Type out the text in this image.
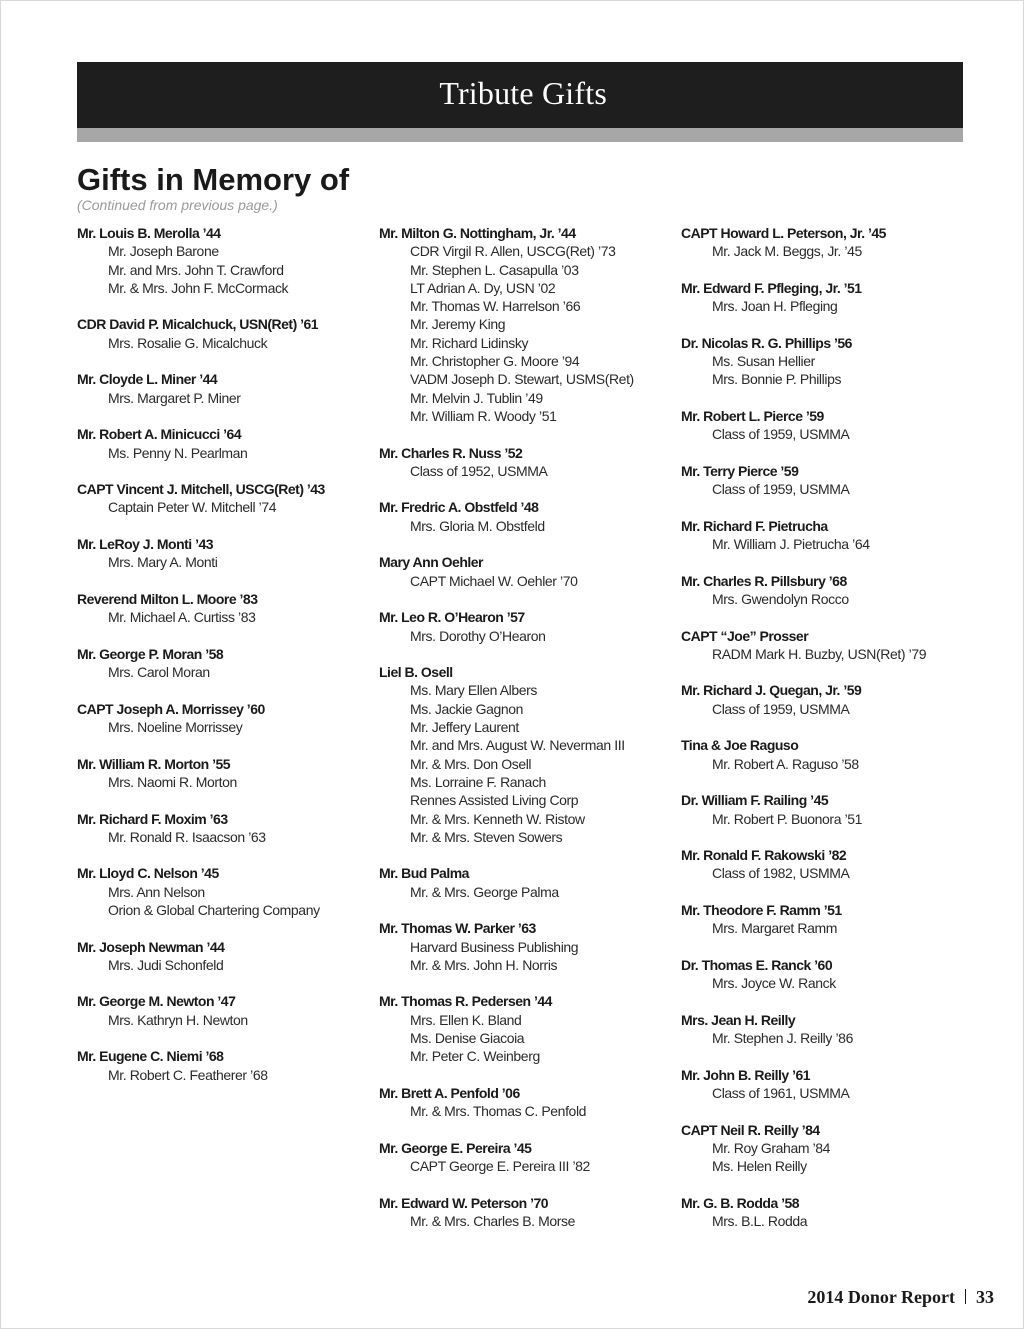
Tribute Gifts
Gifts in Memory of
(Continued from previous page.)
Mr. Louis B. Merolla ’44
Mr. Joseph Barone
Mr. and Mrs. John T. Crawford
Mr. & Mrs. John F. McCormack
CDR David P. Micalchuck, USN(Ret) ’61
Mrs. Rosalie G. Micalchuck
Mr. Cloyde L. Miner ’44
Mrs. Margaret P. Miner
Mr. Robert A. Minicucci ’64
Ms. Penny N. Pearlman
CAPT Vincent J. Mitchell, USCG(Ret) ’43
Captain Peter W. Mitchell ’74
Mr. LeRoy J. Monti ’43
Mrs. Mary A. Monti
Reverend Milton L. Moore ’83
Mr. Michael A. Curtiss ’83
Mr. George P. Moran ’58
Mrs. Carol Moran
CAPT Joseph A. Morrissey ’60
Mrs. Noeline Morrissey
Mr. William R. Morton ’55
Mrs. Naomi R. Morton
Mr. Richard F. Moxim ’63
Mr. Ronald R. Isaacson ’63
Mr. Lloyd C. Nelson ’45
Mrs. Ann Nelson
Orion & Global Chartering Company
Mr. Joseph Newman ’44
Mrs. Judi Schonfeld
Mr. George M. Newton ’47
Mrs. Kathryn H. Newton
Mr. Eugene C. Niemi ’68
Mr. Robert C. Featherer ’68
Mr. Milton G. Nottingham, Jr. ’44
CDR Virgil R. Allen, USCG(Ret) ’73
Mr. Stephen L. Casapulla ’03
LT Adrian A. Dy, USN ’02
Mr. Thomas W. Harrelson ’66
Mr. Jeremy King
Mr. Richard Lidinsky
Mr. Christopher G. Moore ’94
VADM Joseph D. Stewart, USMS(Ret)
Mr. Melvin J. Tublin ’49
Mr. William R. Woody ’51
Mr. Charles R. Nuss ’52
Class of 1952, USMMA
Mr. Fredric A. Obstfeld ’48
Mrs. Gloria M. Obstfeld
Mary Ann Oehler
CAPT Michael W. Oehler ’70
Mr. Leo R. O’Hearon ’57
Mrs. Dorothy O’Hearon
Liel B. Osell
Ms. Mary Ellen Albers
Ms. Jackie Gagnon
Mr. Jeffery Laurent
Mr. and Mrs. August W. Neverman III
Mr. & Mrs. Don Osell
Ms. Lorraine F. Ranach
Rennes Assisted Living Corp
Mr. & Mrs. Kenneth W. Ristow
Mr. & Mrs. Steven Sowers
Mr. Bud Palma
Mr. & Mrs. George Palma
Mr. Thomas W. Parker ’63
Harvard Business Publishing
Mr. & Mrs. John H. Norris
Mr. Thomas R. Pedersen ’44
Mrs. Ellen K. Bland
Ms. Denise Giacoia
Mr. Peter C. Weinberg
Mr. Brett A. Penfold ’06
Mr. & Mrs. Thomas C. Penfold
Mr. George E. Pereira ’45
CAPT George E. Pereira III ’82
Mr. Edward W. Peterson ’70
Mr. & Mrs. Charles B. Morse
CAPT Howard L. Peterson, Jr. ’45
Mr. Jack M. Beggs, Jr. ’45
Mr. Edward F. Pfleging, Jr. ’51
Mrs. Joan H. Pfleging
Dr. Nicolas R. G. Phillips ’56
Ms. Susan Hellier
Mrs. Bonnie P. Phillips
Mr. Robert L. Pierce ’59
Class of 1959, USMMA
Mr. Terry Pierce ’59
Class of 1959, USMMA
Mr. Richard F. Pietrucha
Mr. William J. Pietrucha ’64
Mr. Charles R. Pillsbury ’68
Mrs. Gwendolyn Rocco
CAPT “Joe” Prosser
RADM Mark H. Buzby, USN(Ret) ’79
Mr. Richard J. Quegan, Jr. ’59
Class of 1959, USMMA
Tina & Joe Raguso
Mr. Robert A. Raguso ’58
Dr. William F. Railing ’45
Mr. Robert P. Buonora ’51
Mr. Ronald F. Rakowski ’82
Class of 1982, USMMA
Mr. Theodore F. Ramm ’51
Mrs. Margaret Ramm
Dr. Thomas E. Ranck ’60
Mrs. Joyce W. Ranck
Mrs. Jean H. Reilly
Mr. Stephen J. Reilly ’86
Mr. John B. Reilly ’61
Class of 1961, USMMA
CAPT Neil R. Reilly ’84
Mr. Roy Graham ’84
Ms. Helen Reilly
Mr. G. B. Rodda ’58
Mrs. B.L. Rodda
2014 Donor Report 33
